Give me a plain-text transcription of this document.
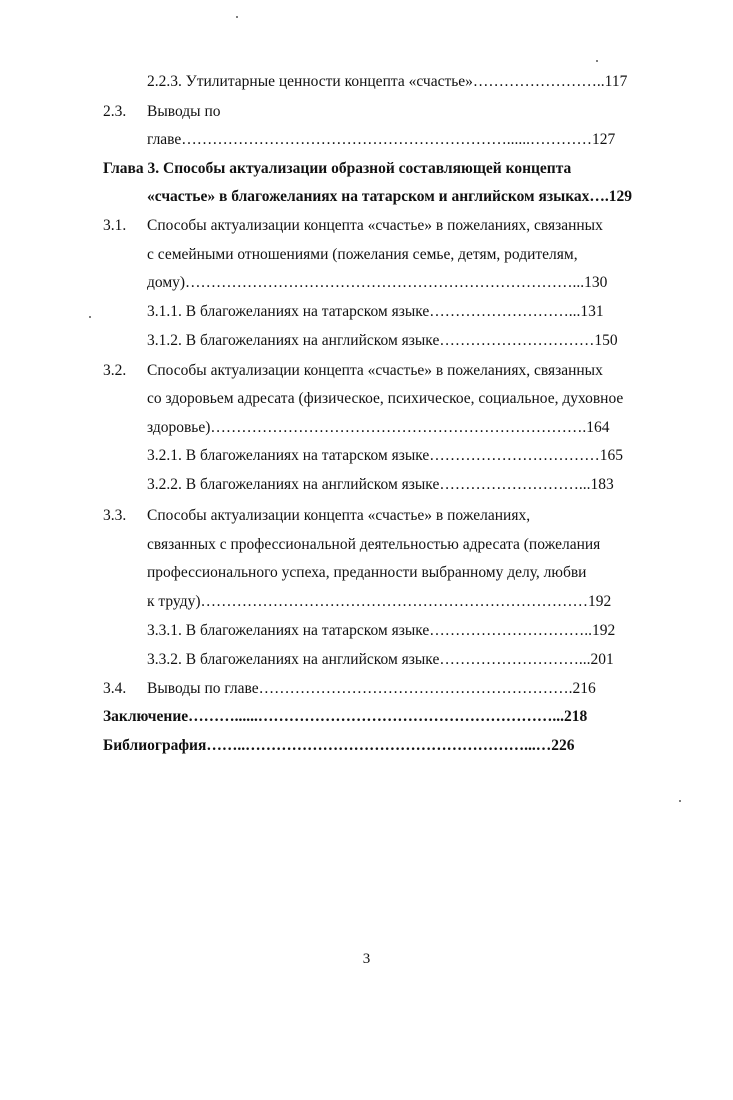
2.2.3. Утилитарные ценности концепта «счастье»……………………..117
2.3. Выводы по
главе………………………………………………………......…………127
Глава 3. Способы актуализации образной составляющей концепта
«счастье» в благожеланиях на татарском и английском языках….129
3.1. Способы актуализации концепта «счастье» в пожеланиях, связанных
с семейными отношениями (пожелания семье, детям, родителям,
дому)…………………………………………………………………...130
3.1.1. В благожеланиях на татарском языке………………………...131
3.1.2. В благожеланиях на английском языке…………………………150
3.2. Способы актуализации концепта «счастье» в пожеланиях, связанных
со здоровьем адресата (физическое, психическое, социальное, духовное
здоровье)……………………………………………………………….164
3.2.1. В благожеланиях на татарском языке……………………………165
3.2.2. В благожеланиях на английском языке………………………...183
3.3. Способы актуализации концепта «счастье» в пожеланиях,
связанных с профессиональной деятельностью адресата (пожелания
профессионального успеха, преданности выбранному делу, любви
к труду)…………………………………………………………………192
3.3.1. В благожеланиях на татарском языке…………………………..192
3.3.2. В благожеланиях на английском языке………………………...201
3.4. Выводы по главе…………………………………………………….216
Заключение………......…………………………………………………...218
Библиография……..………………………………………………...…226
3
